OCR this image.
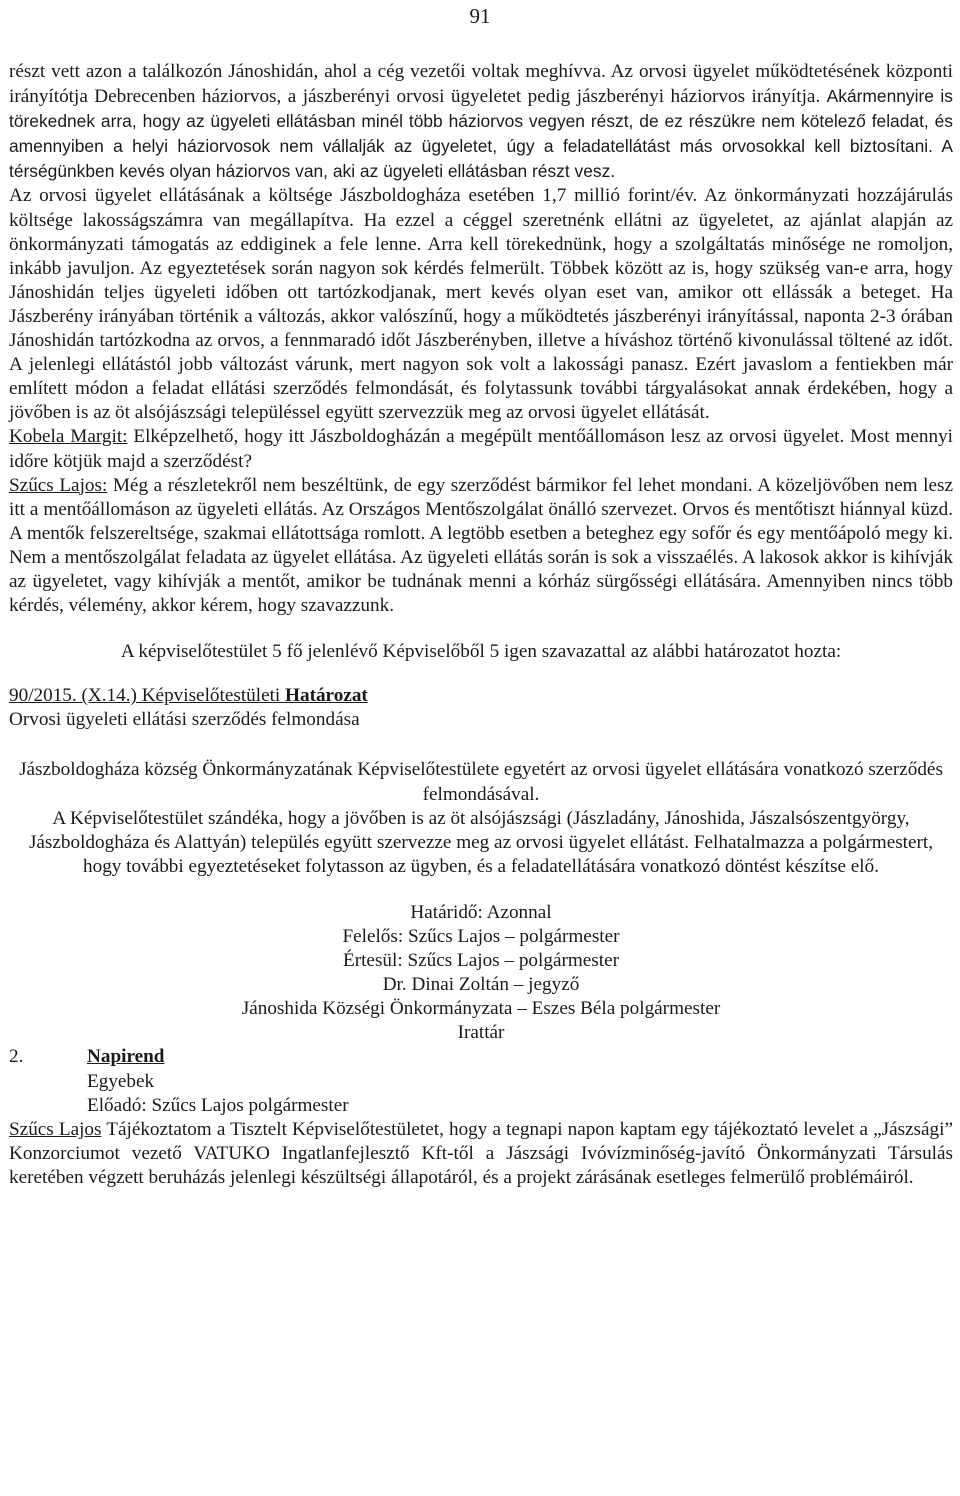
91

részt vett azon a találkozón Jánoshidán, ahol a cég vezetői voltak meghívva. Az orvosi ügyelet működtetésének központi irányítótja Debrecenben háziorvos, a jászberényi orvosi ügyeletet pedig jászberényi háziorvos irányítja. Akármennyire is törekednek arra, hogy az ügyeleti ellátásban minél több háziorvos vegyen részt, de ez részükre nem kötelező feladat, és amennyiben a helyi háziorvosok nem vállalják az ügyeletet, úgy a feladatellátást más orvosokkal kell biztosítani. A térségünkben kevés olyan háziorvos van, aki az ügyeleti ellátásban részt vesz.

Az orvosi ügyelet ellátásának a költsége Jászboldogháza esetében 1,7 millió forint/év. Az önkormányzati hozzájárulás költsége lakosságszámra van megállapítva. Ha ezzel a céggel szeretnénk ellátni az ügyeletet, az ajánlat alapján az önkormányzati támogatás az eddiginek a fele lenne. Arra kell törekednünk, hogy a szolgáltatás minősége ne romoljon, inkább javuljon. Az egyeztetések során nagyon sok kérdés felmerült. Többek között az is, hogy szükség van-e arra, hogy Jánoshidán teljes ügyeleti időben ott tartózkodjanak, mert kevés olyan eset van, amikor ott ellássák a beteget. Ha Jászberény irányában történik a változás, akkor valószínű, hogy a működtetés jászberényi irányítással, naponta 2-3 órában Jánoshidán tartózkodna az orvos, a fennmaradó időt Jászberényben, illetve a híváshoz történő kivonulással töltené az időt. A jelenlegi ellátástól jobb változást várunk, mert nagyon sok volt a lakossági panasz. Ezért javaslom a fentiekben már említett módon a feladat ellátási szerződés felmondását, és folytassunk további tárgyalásokat annak érdekében, hogy a jövőben is az öt alsójászsági településsel együtt szervezzük meg az orvosi ügyelet ellátását.

Kobela Margit: Elképzelhető, hogy itt Jászboldogházán a megépült mentőállomáson lesz az orvosi ügyelet. Most mennyi időre kötjük majd a szerződést?

Szűcs Lajos: Még a részletekről nem beszéltünk, de egy szerződést bármikor fel lehet mondani. A közeljövőben nem lesz itt a mentőállomáson az ügyeleti ellátás. Az Országos Mentőszolgálat önálló szervezet. Orvos és mentőtiszt hiánnyal küzd. A mentők felszereltsége, szakmai ellátottsága romlott. A legtöbb esetben a beteghez egy sofőr és egy mentőápoló megy ki. Nem a mentőszolgálat feladata az ügyelet ellátása. Az ügyeleti ellátás során is sok a visszaélés. A lakosok akkor is kihívják az ügyeletet, vagy kihívják a mentőt, amikor be tudnának menni a kórház sürgősségi ellátására. Amennyiben nincs több kérdés, vélemény, akkor kérem, hogy szavazzunk.

A képviselőtestület 5 fő jelenlévő Képviselőből 5 igen szavazattal az alábbi határozatot hozta:

90/2015. (X.14.) Képviselőtestületi Határozat

Orvosi ügyeleti ellátási szerződés felmondása

Jászboldogháza község Önkormányzatának Képviselőtestülete egyetért az orvosi ügyelet ellátására vonatkozó szerződés felmondásával.

A Képviselőtestület szándéka, hogy a jövőben is az öt alsójászsági (Jászladány, Jánoshida, Jászalsószentgyörgy, Jászboldogháza és Alattyán) település együtt szervezze meg az orvosi ügyelet ellátást. Felhatalmazza a polgármestert, hogy további egyeztetéseket folytasson az ügyben, és a feladatellátására vonatkozó döntést készítse elő.

Határidő: Azonnal

Felelős: Szűcs Lajos – polgármester

Értesül: Szűcs Lajos – polgármester

Dr. Dinai Zoltán – jegyző

Jánoshida Községi Önkormányzata – Eszes Béla polgármester

Irattár

2.	Napirend

Egyebek

Előadó: Szűcs Lajos polgármester

Szűcs Lajos Tájékoztatom a Tisztelt Képviselőtestületet, hogy a tegnapi napon kaptam egy tájékoztató levelet a „Jászsági” Konzorciumot vezető VATUKO Ingatlanfejlesztő Kft-től a Jászsági Ivóvízminőség-javító Önkormányzati Társulás keretében végzett beruházás jelenlegi készültségi állapotáról, és a projekt zárásának esetleges felmerülő problémáiról.
